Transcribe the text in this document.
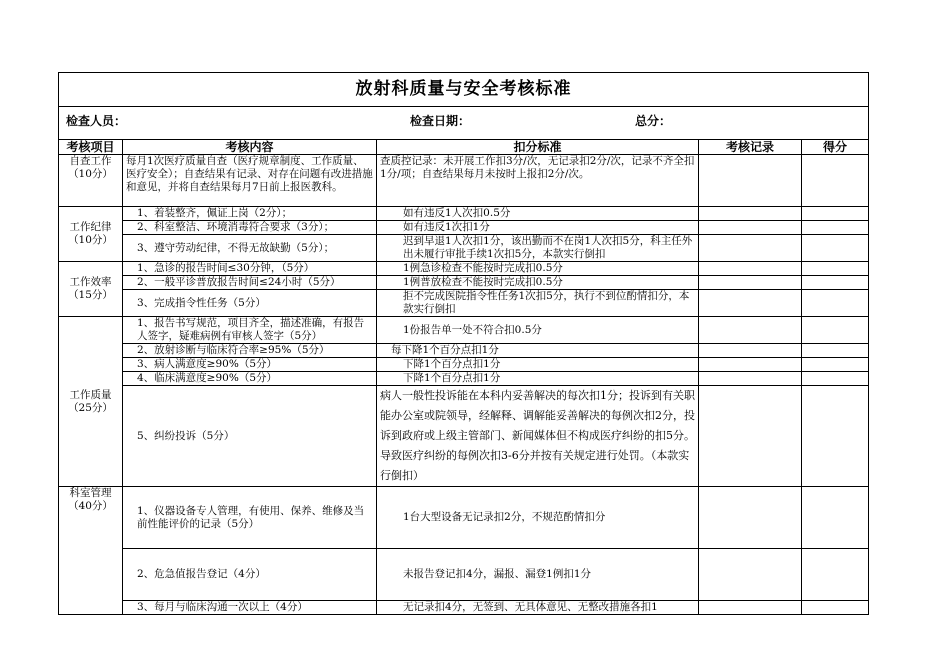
放射科质量与安全考核标准				

检查人员： 检查日期： 总分：				

考核项目	考核内容	扣分标准	考核记录	得分
自查工作
（10分）	每月1次医疗质量自查（医疗规章制度、工作质量、医疗安全）；自查结果有记录、对存在问题有改进措施和意见，并将自查结果每月7日前上报医教科。	查质控记录：未开展工作扣3分/次，无记录扣2分/次，记录不齐全扣1分/项；自查结果每月未按时上报扣2分/次。		
工作纪律
（10分）	1、着装整齐，佩证上岗（2分）；	如有违反1人次扣0.5分		
	2、科室整洁、环境消毒符合要求（3分）；	如有违反1次扣1分		
	3、遵守劳动纪律，不得无故缺勤（5分）；	迟到早退1人次扣1分，该出勤而不在岗1人次扣5分，科主任外出未履行审批手续1次扣5分，本款实行倒扣		
工作效率
（15分）	1、急诊的报告时间≤30分钟，（5分）	1例急诊检查不能按时完成扣0.5分		
	2、一般平诊普放报告时间≤24小时（5分）	1例普放检查不能按时完成扣0.5分		
	3、完成指令性任务（5分）	拒不完成医院指令性任务1次扣5分，执行不到位酌情扣分，本款实行倒扣		
工作质量
（25分）	1、报告书写规范，项目齐全，描述准确，有报告人签字，疑难病例有审核人签字（5分）	1份报告单一处不符合扣0.5分		
	2、放射诊断与临床符合率≥95%（5分）	每下降1个百分点扣1分		
	3、病人满意度≥90%（5分）	下降1个百分点扣1分		
	4、临床满意度≥90%（5分）	下降1个百分点扣1分		
	5、纠纷投诉（5分）	病人一般性投诉能在本科内妥善解决的每次扣1分；投诉到有关职能办公室或院领导，经解释、调解能妥善解决的每例次扣2分，投诉到政府或上级主管部门、新闻媒体但不构成医疗纠纷的扣5分。导致医疗纠纷的每例次扣3-6分并按有关规定进行处罚。（本款实行倒扣）		
科室管理
（40分）	1、仪器设备专人管理，有使用、保养、维修及当前性能评价的记录（5分）	1台大型设备无记录扣2分，不规范酌情扣分		
	2、危急值报告登记（4分）	未报告登记扣4分，漏报、漏登1例扣1分		
	3、每月与临床沟通一次以上（4分）	无记录扣4分，无签到、无具体意见、无整改措施各扣1		
